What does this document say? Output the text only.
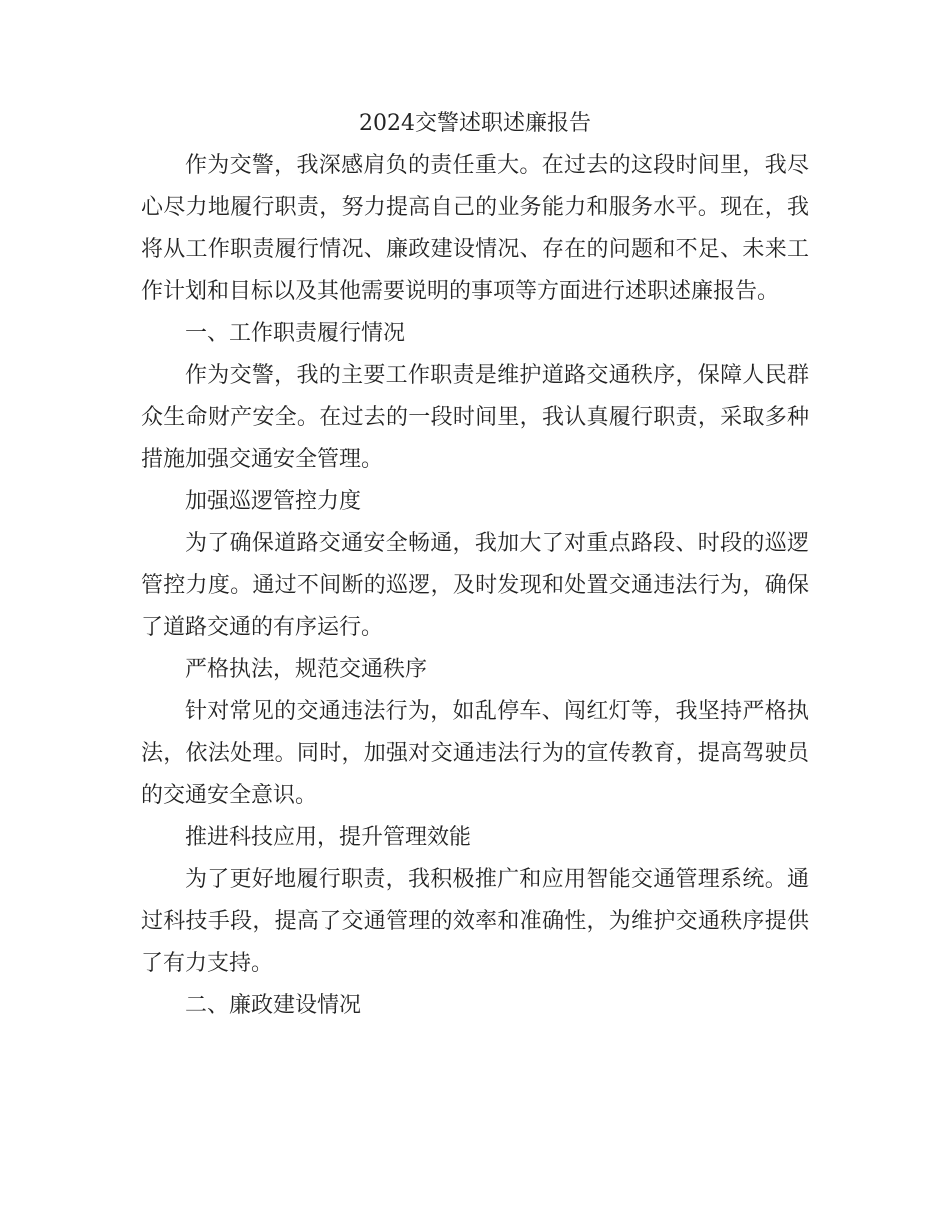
2024交警述职述廉报告

作为交警，我深感肩负的责任重大。在过去的这段时间里，我尽心尽力地履行职责，努力提高自己的业务能力和服务水平。现在，我将从工作职责履行情况、廉政建设情况、存在的问题和不足、未来工作计划和目标以及其他需要说明的事项等方面进行述职述廉报告。

一、工作职责履行情况

作为交警，我的主要工作职责是维护道路交通秩序，保障人民群众生命财产安全。在过去的一段时间里，我认真履行职责，采取多种措施加强交通安全管理。

加强巡逻管控力度

为了确保道路交通安全畅通，我加大了对重点路段、时段的巡逻管控力度。通过不间断的巡逻，及时发现和处置交通违法行为，确保了道路交通的有序运行。

严格执法，规范交通秩序

针对常见的交通违法行为，如乱停车、闯红灯等，我坚持严格执法，依法处理。同时，加强对交通违法行为的宣传教育，提高驾驶员的交通安全意识。

推进科技应用，提升管理效能

为了更好地履行职责，我积极推广和应用智能交通管理系统。通过科技手段，提高了交通管理的效率和准确性，为维护交通秩序提供了有力支持。

二、廉政建设情况
